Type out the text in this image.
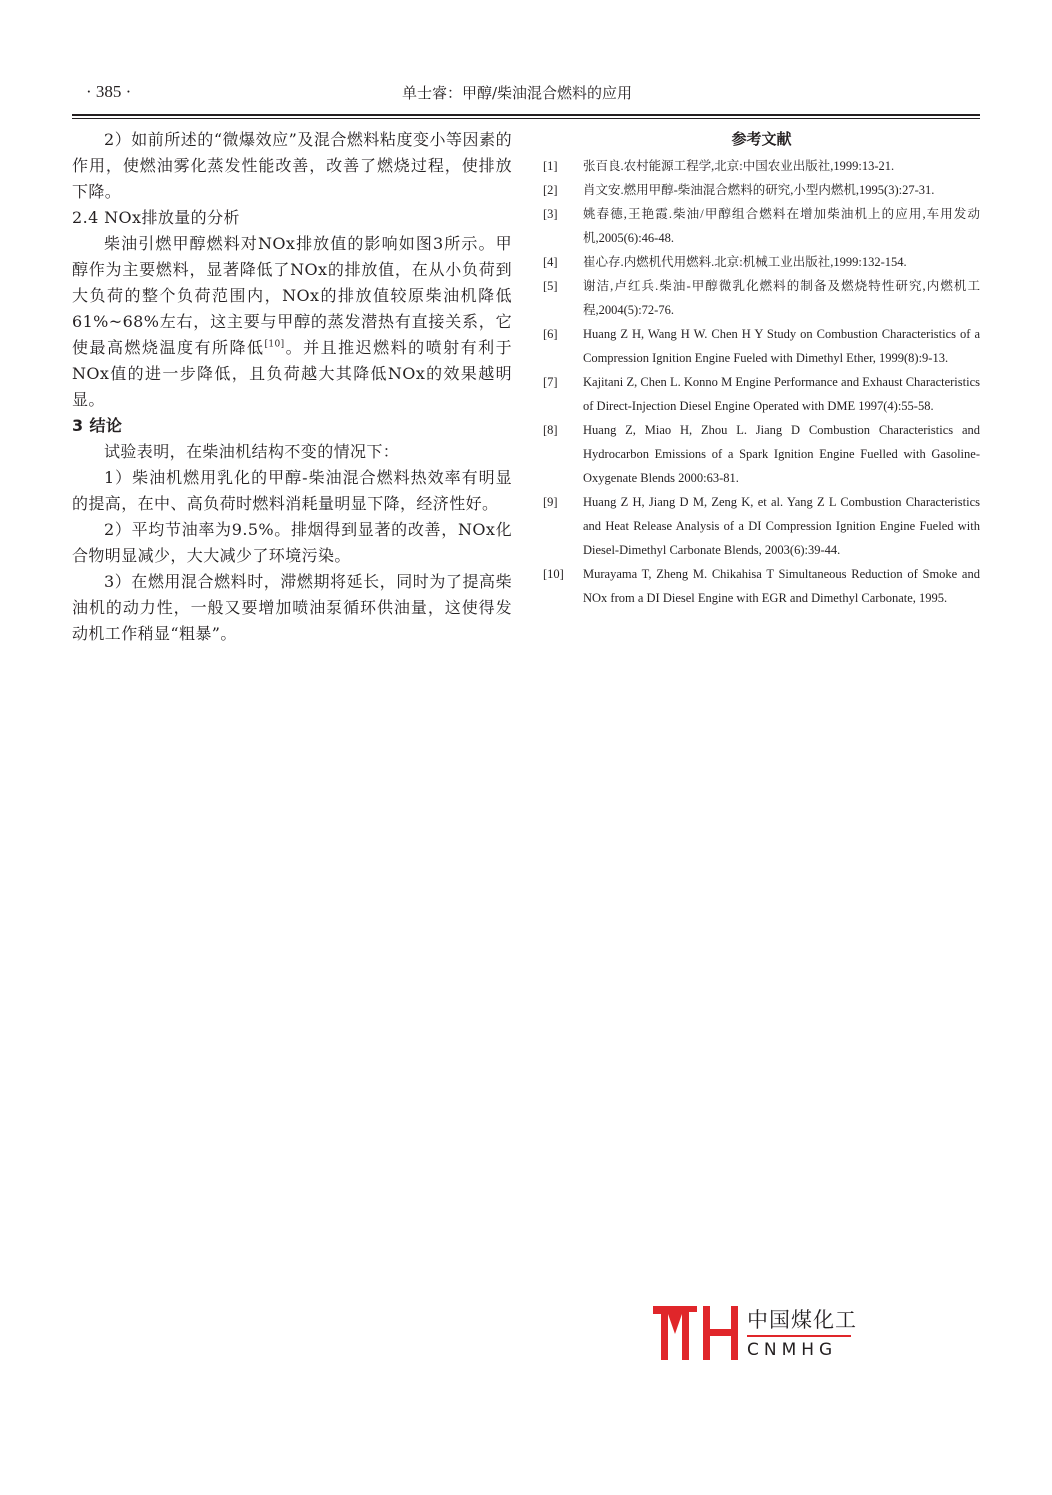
· 385 ·	单士睿：甲醇/柴油混合燃料的应用

2）如前所述的“微爆效应”及混合燃料粘度变小等因素的作用，使燃油雾化蒸发性能改善，改善了燃烧过程，使排放下降。

2.4 NOx排放量的分析

柴油引燃甲醇燃料对NOx排放值的影响如图3所示。甲醇作为主要燃料，显著降低了NOx的排放值，在从小负荷到大负荷的整个负荷范围内，NOx的排放值较原柴油机降低61%~68%左右，这主要与甲醇的蒸发潜热有直接关系，它使最高燃烧温度有所降低[10]。并且推迟燃料的喷射有利于NOx值的进一步降低，且负荷越大其降低NOx的效果越明显。

3 结论

试验表明，在柴油机结构不变的情况下：

1）柴油机燃用乳化的甲醇-柴油混合燃料热效率有明显的提高，在中、高负荷时燃料消耗量明显下降，经济性好。

2）平均节油率为9.5%。排烟得到显著的改善，NOx化合物明显减少，大大减少了环境污染。

3）在燃用混合燃料时，滞燃期将延长，同时为了提高柴油机的动力性，一般又要增加喷油泵循环供油量，这使得发动机工作稍显“粗暴”。

参考文献

[1]	张百良.农村能源工程学,北京:中国农业出版社,1999:13-21.
[2]	肖文安.燃用甲醇-柴油混合燃料的研究,小型内燃机,1995(3):27-31.
[3]	姚春德,王艳霞.柴油/甲醇组合燃料在增加柴油机上的应用,车用发动机,2005(6):46-48.
[4]	崔心存.内燃机代用燃料.北京:机械工业出版社,1999:132-154.
[5]	谢洁,卢红兵.柴油-甲醇微乳化燃料的制备及燃烧特性研究,内燃机工程,2004(5):72-76.
[6]	Huang Z H, Wang H W. Chen H Y Study on Combustion Characteristics of a Compression Ignition Engine Fueled with Dimethyl Ether, 1999(8):9-13.
[7]	Kajitani Z, Chen L. Konno M Engine Performance and Exhaust Characteristics of Direct-Injection Diesel Engine Operated with DME 1997(4):55-58.
[8]	Huang Z, Miao H, Zhou L. Jiang D Combustion Characteristics and Hydrocarbon Emissions of a Spark Ignition Engine Fuelled with Gasoline-Oxygenate Blends 2000:63-81.
[9]	Huang Z H, Jiang D M, Zeng K, et al. Yang Z L Combustion Characteristics and Heat Release Analysis of a DI Compression Ignition Engine Fueled with Diesel-Dimethyl Carbonate Blends, 2003(6):39-44.
[10]	Murayama T, Zheng M. Chikahisa T Simultaneous Reduction of Smoke and NOx from a DI Diesel Engine with EGR and Dimethyl Carbonate, 1995.
中国煤化工
CNMHG
